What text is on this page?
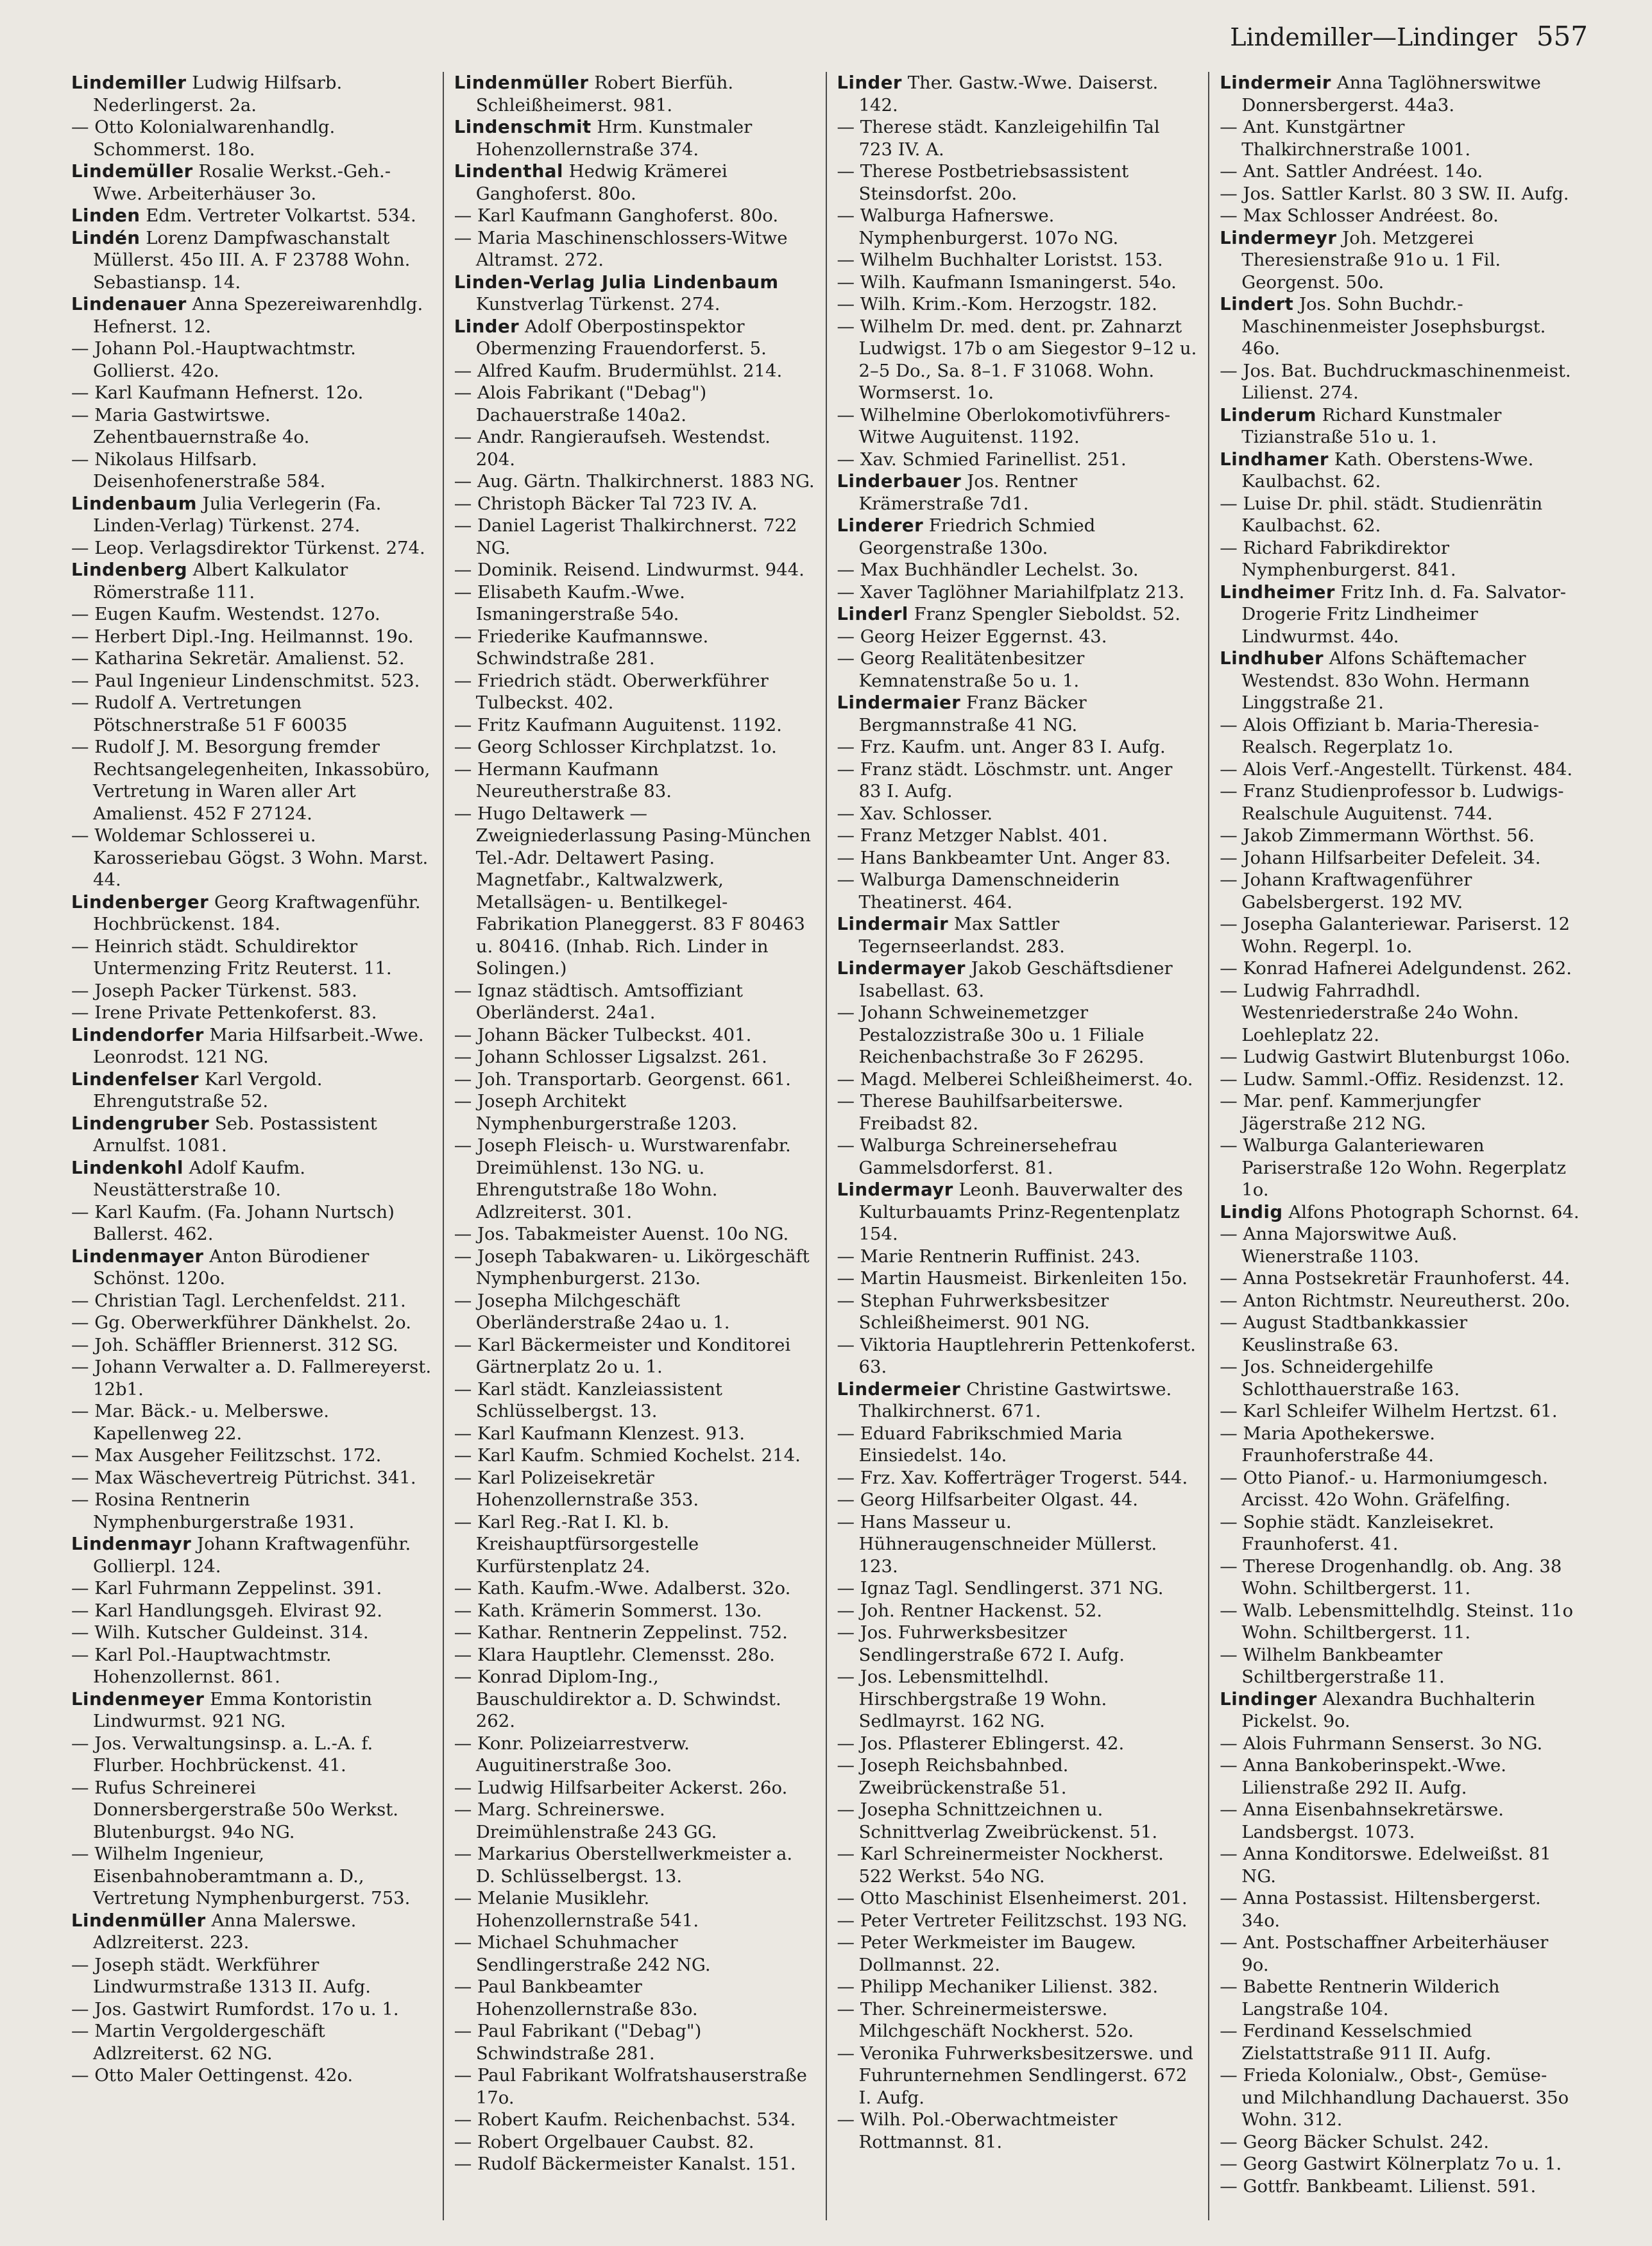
Lindemiller—Lindinger 557

Lindemiller Ludwig Hilfsarb. Nederlingerst. 2a.

— Otto Kolonialwarenhandlg. Schommerst. 18o.

Lindemüller Rosalie Werkst.-Geh.-Wwe. Arbeiterhäuser 3o.

Linden Edm. Vertreter Volkartst. 534.

Lindén Lorenz Dampfwaschanstalt Müllerst. 45o III. A. F 23788 Wohn. Sebastiansp. 14.

Lindenauer Anna Spezereiwarenhdlg. Hefnerst. 12.

— Johann Pol.-Hauptwachtmstr. Gollierst. 42o.

— Karl Kaufmann Hefnerst. 12o.

— Maria Gastwirtswe. Zehentbauernstraße 4o.

— Nikolaus Hilfsarb. Deisenhofenerstraße 584.

Lindenbaum Julia Verlegerin (Fa. Linden-Verlag) Türkenst. 274.

— Leop. Verlagsdirektor Türkenst. 274.

Lindenberg Albert Kalkulator Römerstraße 111.

— Eugen Kaufm. Westendst. 127o.

— Herbert Dipl.-Ing. Heilmannst. 19o.

— Katharina Sekretär. Amalienst. 52.

— Paul Ingenieur Lindenschmitst. 523.

— Rudolf A. Vertretungen Pötschnerstraße 51 F 60035

— Rudolf J. M. Besorgung fremder Rechtsangelegenheiten, Inkassobüro, Vertretung in Waren aller Art Amalienst. 452 F 27124.

— Woldemar Schlosserei u. Karosseriebau Gögst. 3 Wohn. Marst. 44.

Lindenberger Georg Kraftwagenführ. Hochbrückenst. 184.

— Heinrich städt. Schuldirektor Untermenzing Fritz Reuterst. 11.

— Joseph Packer Türkenst. 583.

— Irene Private Pettenkoferst. 83.

Lindendorfer Maria Hilfsarbeit.-Wwe. Leonrodst. 121 NG.

Lindenfelser Karl Vergold. Ehrengutstraße 52.

Lindengruber Seb. Postassistent Arnulfst. 1081.

Lindenkohl Adolf Kaufm. Neustätterstraße 10.

— Karl Kaufm. (Fa. Johann Nurtsch) Ballerst. 462.

Lindenmayer Anton Bürodiener Schönst. 120o.

— Christian Tagl. Lerchenfeldst. 211.

— Gg. Oberwerkführer Dänkhelst. 2o.

— Joh. Schäffler Briennerst. 312 SG.

— Johann Verwalter a. D. Fallmereyerst. 12b1.

— Mar. Bäck.- u. Melberswe. Kapellenweg 22.

— Max Ausgeher Feilitzschst. 172.

— Max Wäschevertreig Pütrichst. 341.

— Rosina Rentnerin Nymphenburgerstraße 1931.

Lindenmayr Johann Kraftwagenführ. Gollierpl. 124.

— Karl Fuhrmann Zeppelinst. 391.

— Karl Handlungsgeh. Elvirast 92.

— Wilh. Kutscher Guldeinst. 314.

— Karl Pol.-Hauptwachtmstr. Hohenzollernst. 861.

Lindenmeyer Emma Kontoristin Lindwurmst. 921 NG.

— Jos. Verwaltungsinsp. a. L.-A. f. Flurber. Hochbrückenst. 41.

— Rufus Schreinerei Donnersbergerstraße 50o Werkst. Blutenburgst. 94o NG.

— Wilhelm Ingenieur, Eisenbahnoberamtmann a. D., Vertretung Nymphenburgerst. 753.

Lindenmüller Anna Malerswe. Adlzreiterst. 223.

— Joseph städt. Werkführer Lindwurmstraße 1313 II. Aufg.

— Jos. Gastwirt Rumfordst. 17o u. 1.

— Martin Vergoldergeschäft Adlzreiterst. 62 NG.

— Otto Maler Oettingenst. 42o.

Lindenmüller Robert Bierfüh. Schleißheimerst. 981.

Lindenschmit Hrm. Kunstmaler Hohenzollernstraße 374.

Lindenthal Hedwig Krämerei Ganghoferst. 80o.

— Karl Kaufmann Ganghoferst. 80o.

— Maria Maschinenschlossers-Witwe Altramst. 272.

Linden-Verlag Julia Lindenbaum Kunstverlag Türkenst. 274.

Linder Adolf Oberpostinspektor Obermenzing Frauendorferst. 5.

— Alfred Kaufm. Brudermühlst. 214.

— Alois Fabrikant ("Debag") Dachauerstraße 140a2.

— Andr. Rangieraufseh. Westendst. 204.

— Aug. Gärtn. Thalkirchnerst. 1883 NG.

— Christoph Bäcker Tal 723 IV. A.

— Daniel Lagerist Thalkirchnerst. 722 NG.

— Dominik. Reisend. Lindwurmst. 944.

— Elisabeth Kaufm.-Wwe. Ismaningerstraße 54o.

— Friederike Kaufmannswe. Schwindstraße 281.

— Friedrich städt. Oberwerkführer Tulbeckst. 402.

— Fritz Kaufmann Auguitenst. 1192.

— Georg Schlosser Kirchplatzst. 1o.

— Hermann Kaufmann Neureutherstraße 83.

— Hugo Deltawerk — Zweigniederlassung Pasing-München Tel.-Adr. Deltawert Pasing. Magnetfabr., Kaltwalzwerk, Metallsägen- u. Bentilkegel-Fabrikation Planeggerst. 83 F 80463 u. 80416. (Inhab. Rich. Linder in Solingen.)

— Ignaz städtisch. Amtsoffiziant Oberländerst. 24a1.

— Johann Bäcker Tulbeckst. 401.

— Johann Schlosser Ligsalzst. 261.

— Joh. Transportarb. Georgenst. 661.

— Joseph Architekt Nymphenburgerstraße 1203.

— Joseph Fleisch- u. Wurstwarenfabr. Dreimühlenst. 13o NG. u. Ehrengutstraße 18o Wohn. Adlzreiterst. 301.

— Jos. Tabakmeister Auenst. 10o NG.

— Joseph Tabakwaren- u. Likörgeschäft Nymphenburgerst. 213o.

— Josepha Milchgeschäft Oberländerstraße 24ao u. 1.

— Karl Bäckermeister und Konditorei Gärtnerplatz 2o u. 1.

— Karl städt. Kanzleiassistent Schlüsselbergst. 13.

— Karl Kaufmann Klenzest. 913.

— Karl Kaufm. Schmied Kochelst. 214.

— Karl Polizeisekretär Hohenzollernstraße 353.

— Karl Reg.-Rat I. Kl. b. Kreishauptfürsorgestelle Kurfürstenplatz 24.

— Kath. Kaufm.-Wwe. Adalberst. 32o.

— Kath. Krämerin Sommerst. 13o.

— Kathar. Rentnerin Zeppelinst. 752.

— Klara Hauptlehr. Clemensst. 28o.

— Konrad Diplom-Ing., Bauschuldirektor a. D. Schwindst. 262.

— Konr. Polizeiarrestverw. Auguitinerstraße 3oo.

— Ludwig Hilfsarbeiter Ackerst. 26o.

— Marg. Schreinerswe. Dreimühlenstraße 243 GG.

— Markarius Oberstellwerkmeister a. D. Schlüsselbergst. 13.

— Melanie Musiklehr. Hohenzollernstraße 541.

— Michael Schuhmacher Sendlingerstraße 242 NG.

— Paul Bankbeamter Hohenzollernstraße 83o.

— Paul Fabrikant ("Debag") Schwindstraße 281.

— Paul Fabrikant Wolfratshauserstraße 17o.

— Robert Kaufm. Reichenbachst. 534.

— Robert Orgelbauer Caubst. 82.

— Rudolf Bäckermeister Kanalst. 151.

Linder Ther. Gastw.-Wwe. Daiserst. 142.

— Therese städt. Kanzleigehilfin Tal 723 IV. A.

— Therese Postbetriebsassistent Steinsdorfst. 20o.

— Walburga Hafnerswe. Nymphenburgerst. 107o NG.

— Wilhelm Buchhalter Loristst. 153.

— Wilh. Kaufmann Ismaningerst. 54o.

— Wilh. Krim.-Kom. Herzogstr. 182.

— Wilhelm Dr. med. dent. pr. Zahnarzt Ludwigst. 17b o am Siegestor 9–12 u. 2–5 Do., Sa. 8–1. F 31068. Wohn. Wormserst. 1o.

— Wilhelmine Oberlokomotivführers-Witwe Auguitenst. 1192.

— Xav. Schmied Farinellist. 251.

Linderbauer Jos. Rentner Krämerstraße 7d1.

Linderer Friedrich Schmied Georgenstraße 130o.

— Max Buchhändler Lechelst. 3o.

— Xaver Taglöhner Mariahilfplatz 213.

Linderl Franz Spengler Sieboldst. 52.

— Georg Heizer Eggernst. 43.

— Georg Realitätenbesitzer Kemnatenstraße 5o u. 1.

Lindermaier Franz Bäcker Bergmannstraße 41 NG.

— Frz. Kaufm. unt. Anger 83 I. Aufg.

— Franz städt. Löschmstr. unt. Anger 83 I. Aufg.

— Xav. Schlosser.

— Franz Metzger Nablst. 401.

— Hans Bankbeamter Unt. Anger 83.

— Walburga Damenschneiderin Theatinerst. 464.

Lindermair Max Sattler Tegernseerlandst. 283.

Lindermayer Jakob Geschäftsdiener Isabellast. 63.

— Johann Schweinemetzger Pestalozzistraße 30o u. 1 Filiale Reichenbachstraße 3o F 26295.

— Magd. Melberei Schleißheimerst. 4o.

— Therese Bauhilfsarbeiterswe. Freibadst 82.

— Walburga Schreinersehefrau Gammelsdorferst. 81.

Lindermayr Leonh. Bauverwalter des Kulturbauamts Prinz-Regentenplatz 154.

— Marie Rentnerin Ruffinist. 243.

— Martin Hausmeist. Birkenleiten 15o.

— Stephan Fuhrwerksbesitzer Schleißheimerst. 901 NG.

— Viktoria Hauptlehrerin Pettenkoferst. 63.

Lindermeier Christine Gastwirtswe. Thalkirchnerst. 671.

— Eduard Fabrikschmied Maria Einsiedelst. 14o.

— Frz. Xav. Kofferträger Trogerst. 544.

— Georg Hilfsarbeiter Olgast. 44.

— Hans Masseur u. Hühneraugenschneider Müllerst. 123.

— Ignaz Tagl. Sendlingerst. 371 NG.

— Joh. Rentner Hackenst. 52.

— Jos. Fuhrwerksbesitzer Sendlingerstraße 672 I. Aufg.

— Jos. Lebensmittelhdl. Hirschbergstraße 19 Wohn. Sedlmayrst. 162 NG.

— Jos. Pflasterer Eblingerst. 42.

— Joseph Reichsbahnbed. Zweibrückenstraße 51.

— Josepha Schnittzeichnen u. Schnittverlag Zweibrückenst. 51.

— Karl Schreinermeister Nockherst. 522 Werkst. 54o NG.

— Otto Maschinist Elsenheimerst. 201.

— Peter Vertreter Feilitzschst. 193 NG.

— Peter Werkmeister im Baugew. Dollmannst. 22.

— Philipp Mechaniker Lilienst. 382.

— Ther. Schreinermeisterswe. Milchgeschäft Nockherst. 52o.

— Veronika Fuhrwerksbesitzerswe. und Fuhrunternehmen Sendlingerst. 672 I. Aufg.

— Wilh. Pol.-Oberwachtmeister Rottmannst. 81.

Lindermeir Anna Taglöhnerswitwe Donnersbergerst. 44a3.

— Ant. Kunstgärtner Thalkirchnerstraße 1001.

— Ant. Sattler Andréest. 14o.

— Jos. Sattler Karlst. 80 3 SW. II. Aufg.

— Max Schlosser Andréest. 8o.

Lindermeyr Joh. Metzgerei Theresienstraße 91o u. 1 Fil. Georgenst. 50o.

Lindert Jos. Sohn Buchdr.-Maschinenmeister Josephsburgst. 46o.

— Jos. Bat. Buchdruckmaschinenmeist. Lilienst. 274.

Linderum Richard Kunstmaler Tizianstraße 51o u. 1.

Lindhamer Kath. Oberstens-Wwe. Kaulbachst. 62.

— Luise Dr. phil. städt. Studienrätin Kaulbachst. 62.

— Richard Fabrikdirektor Nymphenburgerst. 841.

Lindheimer Fritz Inh. d. Fa. Salvator-Drogerie Fritz Lindheimer Lindwurmst. 44o.

Lindhuber Alfons Schäftemacher Westendst. 83o Wohn. Hermann Linggstraße 21.

— Alois Offiziant b. Maria-Theresia-Realsch. Regerplatz 1o.

— Alois Verf.-Angestellt. Türkenst. 484.

— Franz Studienprofessor b. Ludwigs-Realschule Auguitenst. 744.

— Jakob Zimmermann Wörthst. 56.

— Johann Hilfsarbeiter Defeleit. 34.

— Johann Kraftwagenführer Gabelsbergerst. 192 MV.

— Josepha Galanteriewar. Pariserst. 12 Wohn. Regerpl. 1o.

— Konrad Hafnerei Adelgundenst. 262.

— Ludwig Fahrradhdl. Westenriederstraße 24o Wohn. Loehleplatz 22.

— Ludwig Gastwirt Blutenburgst 106o.

— Ludw. Samml.-Offiz. Residenzst. 12.

— Mar. penf. Kammerjungfer Jägerstraße 212 NG.

— Walburga Galanteriewaren Pariserstraße 12o Wohn. Regerplatz 1o.

Lindig Alfons Photograph Schornst. 64.

— Anna Majorswitwe Auß. Wienerstraße 1103.

— Anna Postsekretär Fraunhoferst. 44.

— Anton Richtmstr. Neureutherst. 20o.

— August Stadtbankkassier Keuslinstraße 63.

— Jos. Schneidergehilfe Schlotthauerstraße 163.

— Karl Schleifer Wilhelm Hertzst. 61.

— Maria Apothekerswe. Fraunhoferstraße 44.

— Otto Pianof.- u. Harmoniumgesch. Arcisst. 42o Wohn. Gräfelfing.

— Sophie städt. Kanzleisekret. Fraunhoferst. 41.

— Therese Drogenhandlg. ob. Ang. 38 Wohn. Schiltbergerst. 11.

— Walb. Lebensmittelhdlg. Steinst. 11o Wohn. Schiltbergerst. 11.

— Wilhelm Bankbeamter Schiltbergerstraße 11.

Lindinger Alexandra Buchhalterin Pickelst. 9o.

— Alois Fuhrmann Senserst. 3o NG.

— Anna Bankoberinspekt.-Wwe. Lilienstraße 292 II. Aufg.

— Anna Eisenbahnsekretärswe. Landsbergst. 1073.

— Anna Konditorswe. Edelweißst. 81 NG.

— Anna Postassist. Hiltensbergerst. 34o.

— Ant. Postschaffner Arbeiterhäuser 9o.

— Babette Rentnerin Wilderich Langstraße 104.

— Ferdinand Kesselschmied Zielstattstraße 911 II. Aufg.

— Frieda Kolonialw., Obst-, Gemüse- und Milchhandlung Dachauerst. 35o Wohn. 312.

— Georg Bäcker Schulst. 242.

— Georg Gastwirt Kölnerplatz 7o u. 1.

— Gottfr. Bankbeamt. Lilienst. 591.
